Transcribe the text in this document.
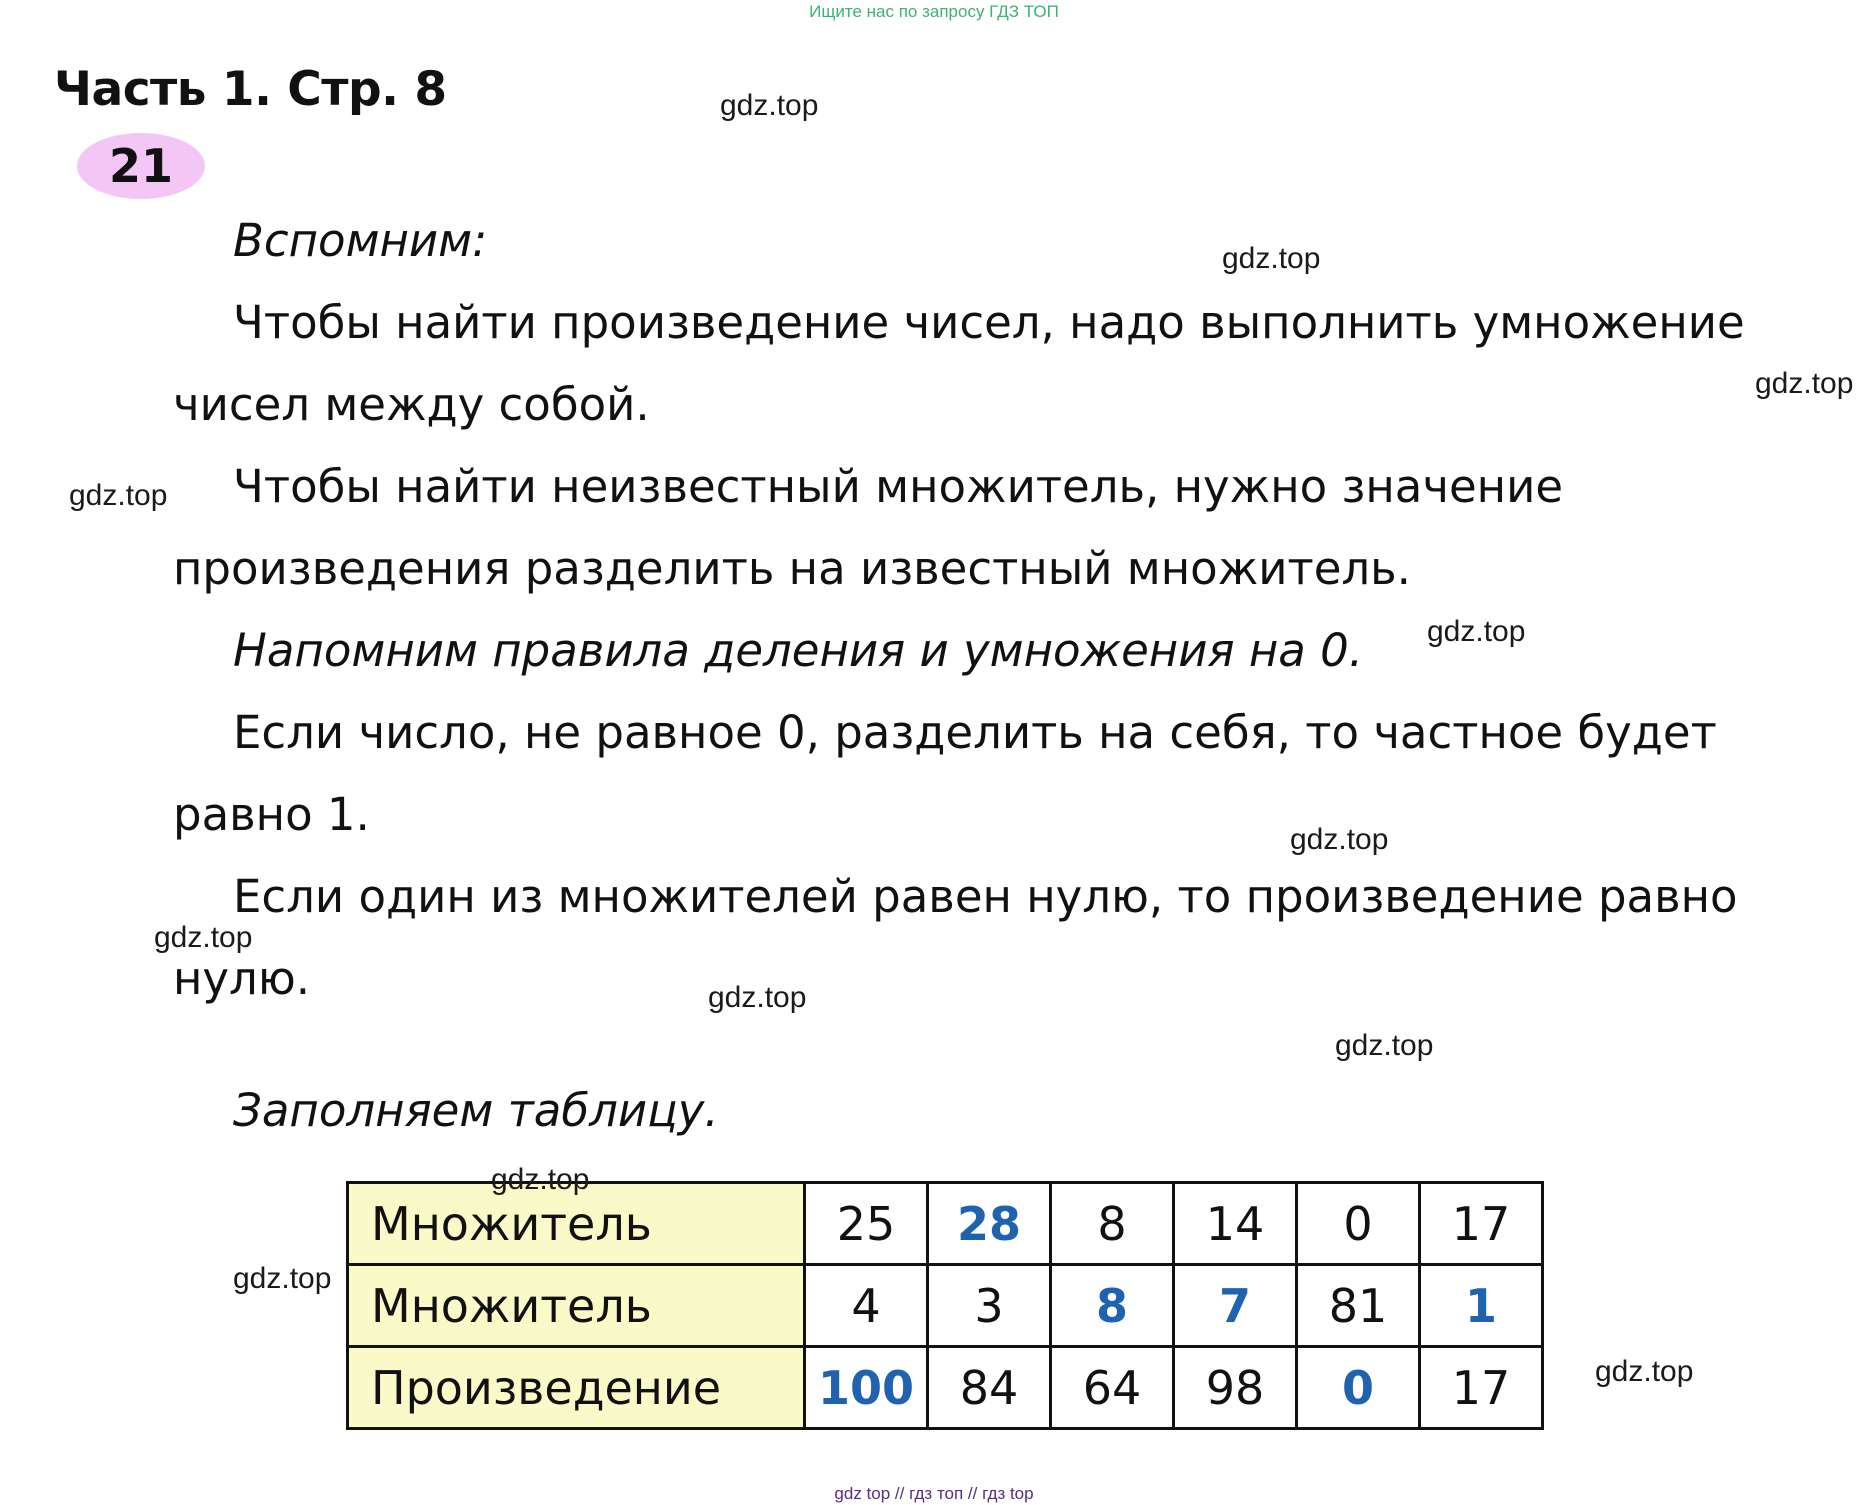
Ищите нас по запросу ГДЗ ТОП
Часть 1. Стр. 8
21
Вспомним:
Чтобы найти произведение чисел, надо выполнить умножение
чисел между собой.
Чтобы найти неизвестный множитель, нужно значение
произведения разделить на известный множитель.
Напомним правила деления и умножения на 0.
Если число, не равное 0, разделить на себя, то частное будет
равно 1.
Если один из множителей равен нулю, то произведение равно
нулю.
Заполняем таблицу.
gdz.top
gdz.top
gdz.top
gdz.top
gdz.top
gdz.top
gdz.top
gdz.top
gdz.top
gdz.top
gdz.top
Множитель	25	28	8	14	0	17
Множитель	4	3	8	7	81	1
Произведение	100	84	64	98	0	17
gdz.top
gdz top // гдз топ // гдз top
